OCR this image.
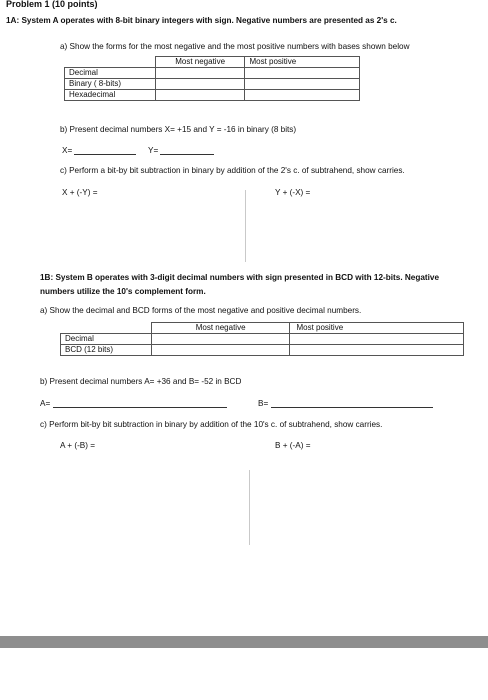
Problem 1 (10 points)
1A: System A operates with 8-bit binary integers with sign. Negative numbers are presented as 2's c.
a) Show the forms for the most negative and the most positive numbers with bases shown below
	Most negative	Most positive
Decimal		
Binary ( 8-bits)		
Hexadecimal		
b) Present decimal numbers X= +15 and Y = -16 in binary (8 bits)
X=	Y=
c) Perform a bit-by bit subtraction in binary by addition of the 2's c. of subtrahend, show carries.
X + (-Y) =	Y + (-X) =
1B: System B operates with 3-digit decimal numbers with sign presented in BCD with 12-bits. Negative
numbers utilize the 10's complement form.
a) Show the decimal and BCD forms of the most negative and positive decimal numbers.
	Most negative	Most positive
Decimal		
BCD (12 bits)		
b) Present decimal numbers A= +36 and B= -52 in BCD
A=	B=
c) Perform bit-by bit subtraction in binary by addition of the 10's c. of subtrahend, show carries.
A + (-B) =	B + (-A) =
